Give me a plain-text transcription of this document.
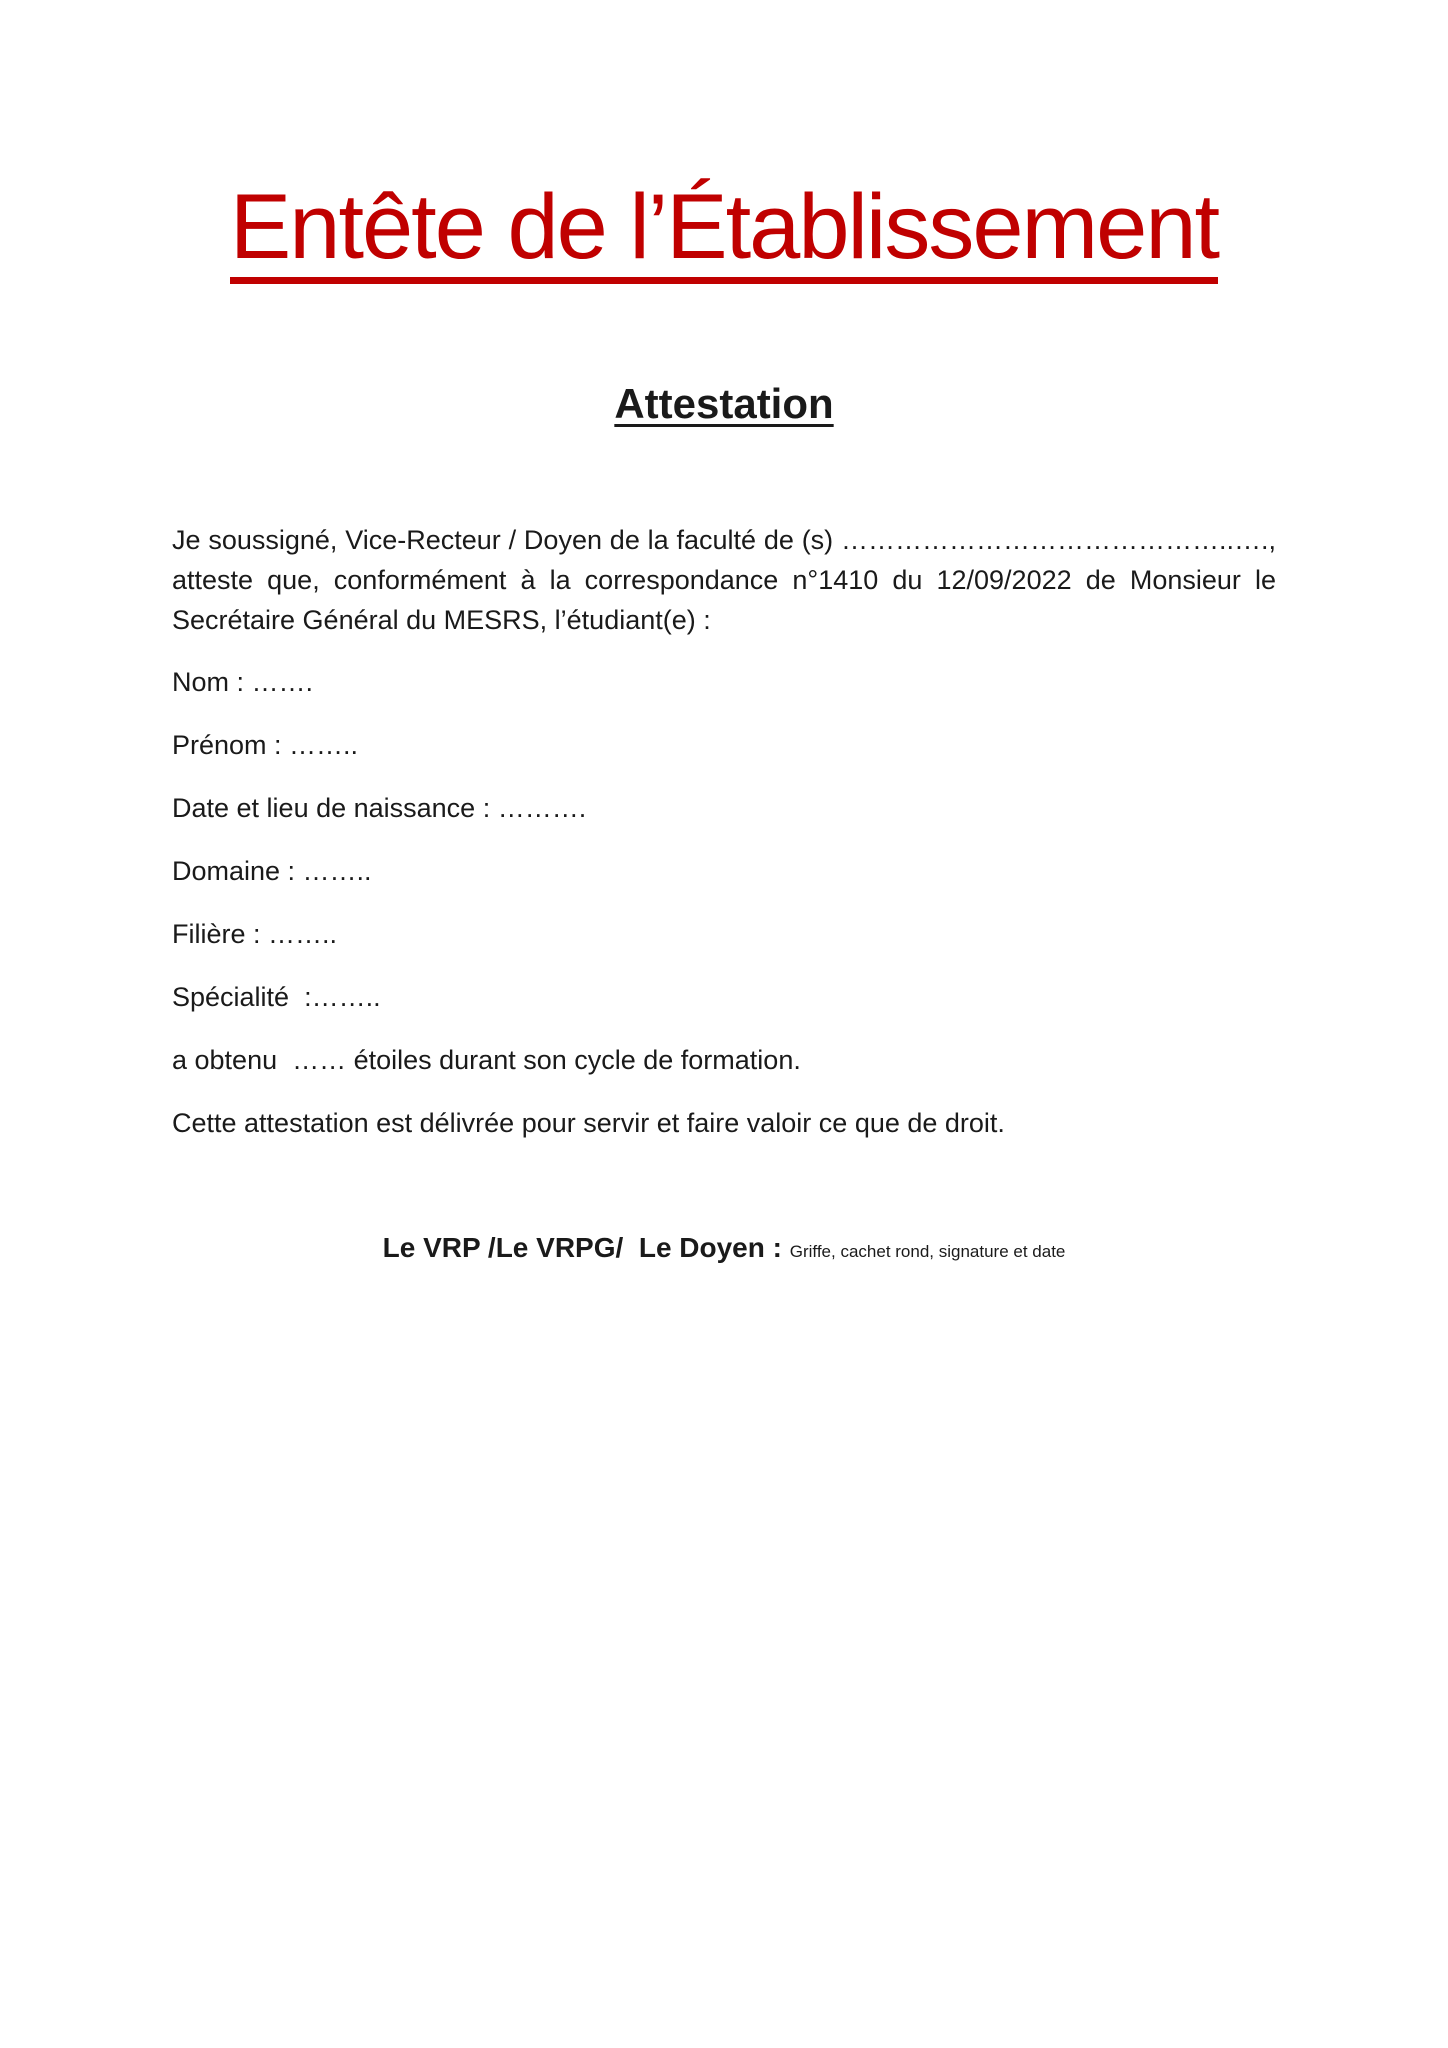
Entête de l’Établissement
Attestation

Je soussigné, Vice-Recteur / Doyen de la faculté de (s) ……………………………………..…., atteste que, conformément à la correspondance n°1410 du 12/09/2022 de Monsieur le Secrétaire Général du MESRS, l’étudiant(e) :

Nom : …….

Prénom : ……..

Date et lieu de naissance : ……….

Domaine : ……..

Filière : ……..

Spécialité  :……..

a obtenu  …… étoiles durant son cycle de formation.

Cette attestation est délivrée pour servir et faire valoir ce que de droit.

Le VRP /Le VRPG/  Le Doyen : Griffe, cachet rond, signature et date
